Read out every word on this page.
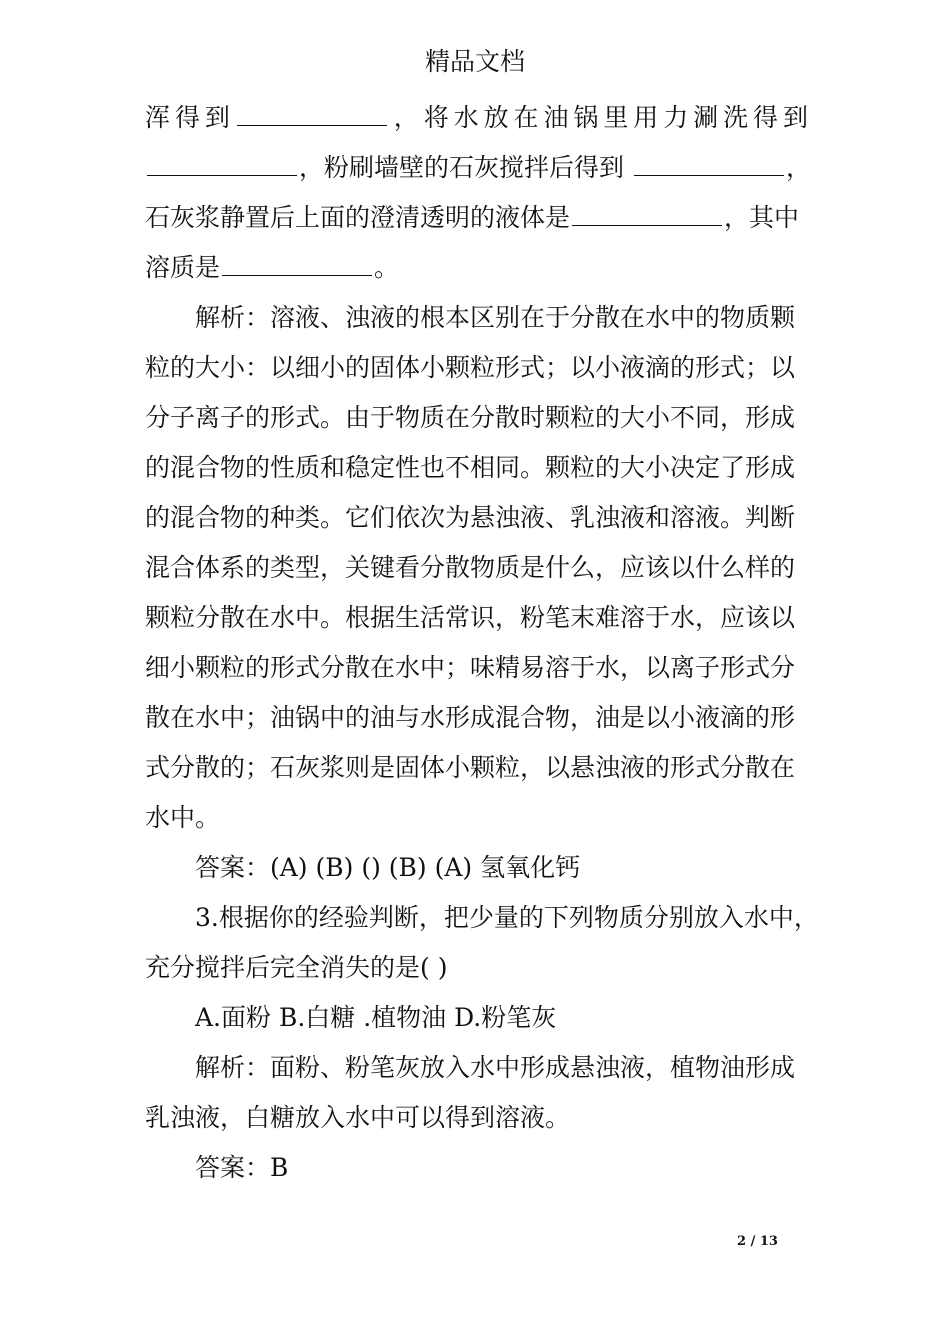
精品文档
浑得到	，将水放在油锅里用力涮洗得到
，粉刷墙壁的石灰搅拌后得到	，
石灰浆静置后上面的澄清透明的液体是	，其中
溶质是	。
解析：溶液、浊液的根本区别在于分散在水中的物质颗
粒的大小：以细小的固体小颗粒形式；以小液滴的形式；以
分子离子的形式。由于物质在分散时颗粒的大小不同，形成
的混合物的性质和稳定性也不相同。颗粒的大小决定了形成
的混合物的种类。它们依次为悬浊液、乳浊液和溶液。判断
混合体系的类型，关键看分散物质是什么，应该以什么样的
颗粒分散在水中。根据生活常识，粉笔末难溶于水，应该以
细小颗粒的形式分散在水中；味精易溶于水，以离子形式分
散在水中；油锅中的油与水形成混合物，油是以小液滴的形
式分散的；石灰浆则是固体小颗粒，以悬浊液的形式分散在
水中。
答案：(A) (B) () (B) (A) 氢氧化钙
3.根据你的经验判断，把少量的下列物质分别放入水中，
充分搅拌后完全消失的是( )
A.面粉 B.白糖 .植物油 D.粉笔灰
解析：面粉、粉笔灰放入水中形成悬浊液，植物油形成
乳浊液，白糖放入水中可以得到溶液。
答案：B
2 / 13
